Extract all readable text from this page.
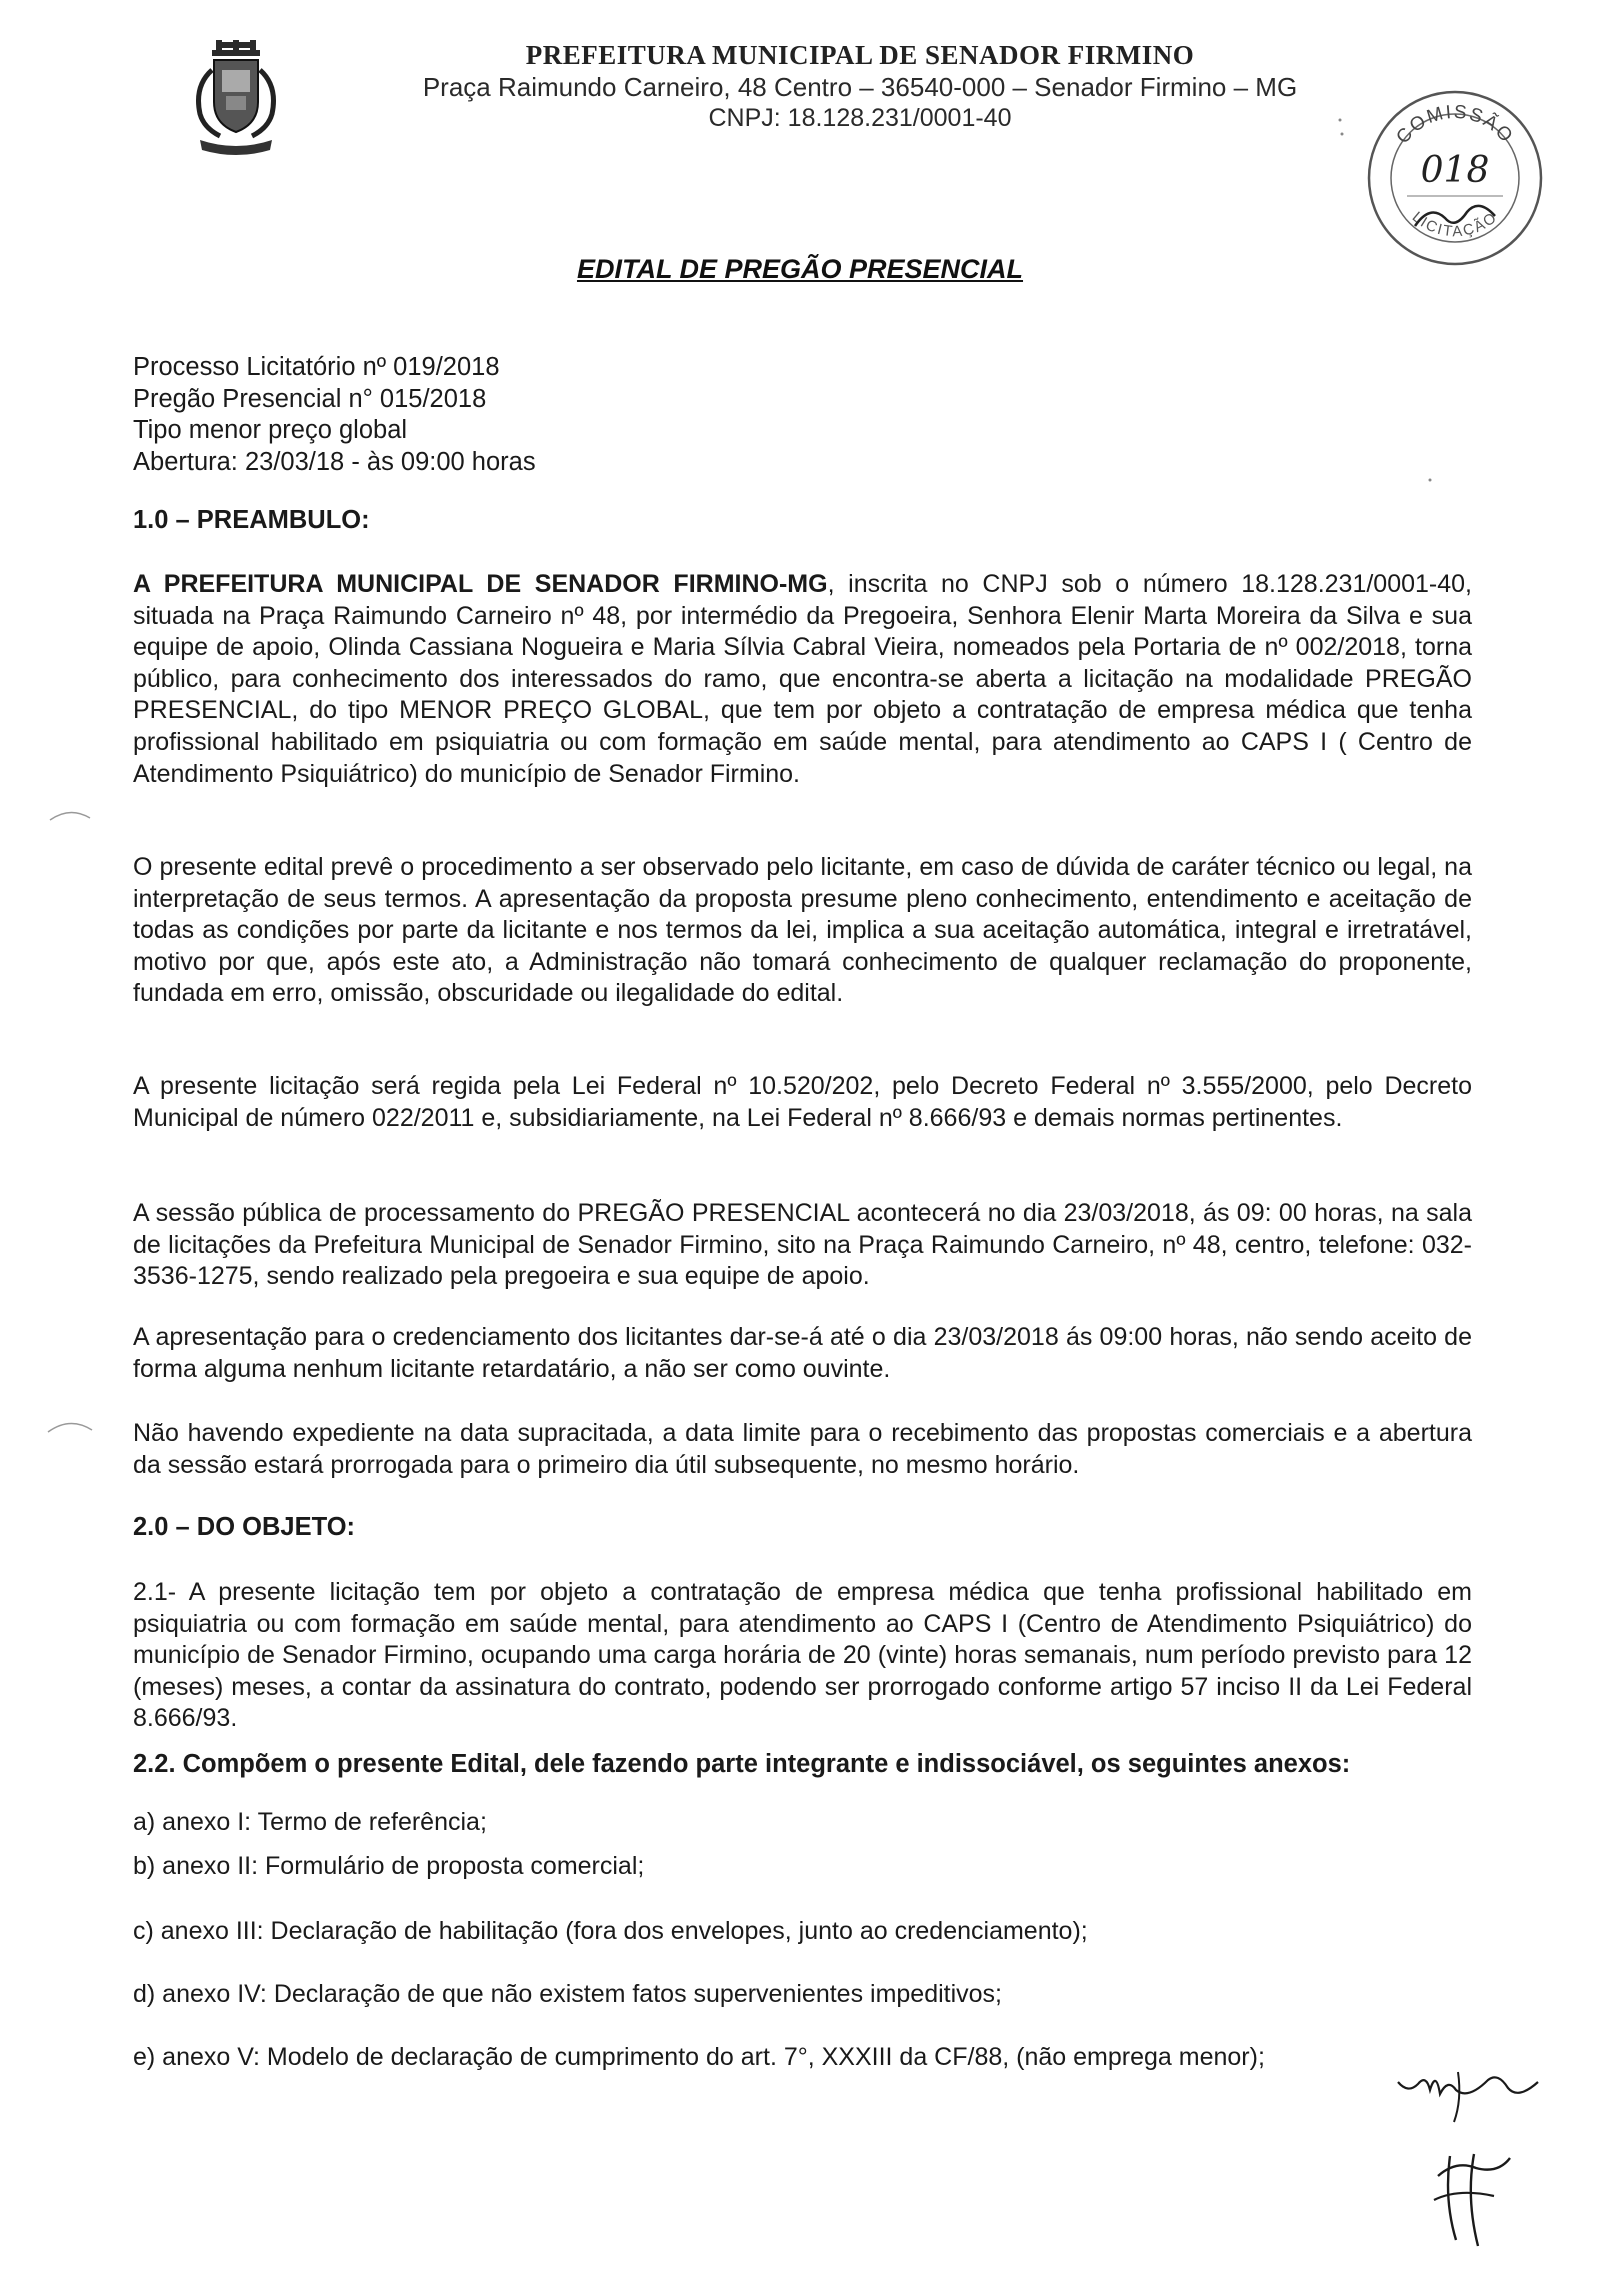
PREFEITURA MUNICIPAL DE SENADOR FIRMINO
Praça Raimundo Carneiro, 48 Centro – 36540-000 – Senador Firmino – MG
CNPJ: 18.128.231/0001-40
COMISSÃO
LICITAÇÃO
018
EDITAL DE PREGÃO PRESENCIAL
Processo Licitatório nº 019/2018
Pregão Presencial n° 015/2018
Tipo menor preço global
Abertura: 23/03/18 - às 09:00 horas
1.0 – PREAMBULO:
A PREFEITURA MUNICIPAL DE SENADOR FIRMINO-MG, inscrita no CNPJ sob o número 18.128.231/0001-40, situada na Praça Raimundo Carneiro nº 48, por intermédio da Pregoeira, Senhora Elenir Marta Moreira da Silva e sua equipe de apoio, Olinda Cassiana Nogueira e Maria Sílvia Cabral Vieira, nomeados pela Portaria de nº 002/2018, torna público, para conhecimento dos interessados do ramo, que encontra-se aberta a licitação na modalidade PREGÃO PRESENCIAL, do tipo MENOR PREÇO GLOBAL, que tem por objeto a contratação de empresa médica que tenha profissional habilitado em psiquiatria ou com formação em saúde mental, para atendimento ao CAPS I ( Centro de Atendimento Psiquiátrico) do município de Senador Firmino.
O presente edital prevê o procedimento a ser observado pelo licitante, em caso de dúvida de caráter técnico ou legal, na interpretação de seus termos. A apresentação da proposta presume pleno conhecimento, entendimento e aceitação de todas as condições por parte da licitante e nos termos da lei, implica a sua aceitação automática, integral e irretratável, motivo por que, após este ato, a Administração não tomará conhecimento de qualquer reclamação do proponente, fundada em erro, omissão, obscuridade ou ilegalidade do edital.
A presente licitação será regida pela Lei Federal nº 10.520/202, pelo Decreto Federal nº 3.555/2000, pelo Decreto Municipal de número 022/2011 e, subsidiariamente, na Lei Federal nº 8.666/93 e demais normas pertinentes.
A sessão pública de processamento do PREGÃO PRESENCIAL acontecerá no dia 23/03/2018, ás 09: 00 horas, na sala de licitações da Prefeitura Municipal de Senador Firmino, sito na Praça Raimundo Carneiro, nº 48, centro, telefone: 032-3536-1275, sendo realizado pela pregoeira e sua equipe de apoio.
A apresentação para o credenciamento dos licitantes dar-se-á até o dia 23/03/2018 ás 09:00 horas, não sendo aceito de forma alguma nenhum licitante retardatário, a não ser como ouvinte.
Não havendo expediente na data supracitada, a data limite para o recebimento das propostas comerciais e a abertura da sessão estará prorrogada para o primeiro dia útil subsequente, no mesmo horário.
2.0 – DO OBJETO:
2.1- A presente licitação tem por objeto a contratação de empresa médica que tenha profissional habilitado em psiquiatria ou com formação em saúde mental, para atendimento ao CAPS I (Centro de Atendimento Psiquiátrico) do município de Senador Firmino, ocupando uma carga horária de 20 (vinte) horas semanais, num período previsto para 12 (meses) meses, a contar da assinatura do contrato, podendo ser prorrogado conforme artigo 57 inciso II da Lei Federal 8.666/93.
2.2. Compõem o presente Edital, dele fazendo parte integrante e indissociável, os seguintes anexos:
a) anexo I: Termo de referência;
b) anexo II: Formulário de proposta comercial;
c) anexo III: Declaração de habilitação (fora dos envelopes, junto ao credenciamento);
d) anexo IV: Declaração de que não existem fatos supervenientes impeditivos;
e) anexo V: Modelo de declaração de cumprimento do art. 7°, XXXIII da CF/88, (não emprega menor);
